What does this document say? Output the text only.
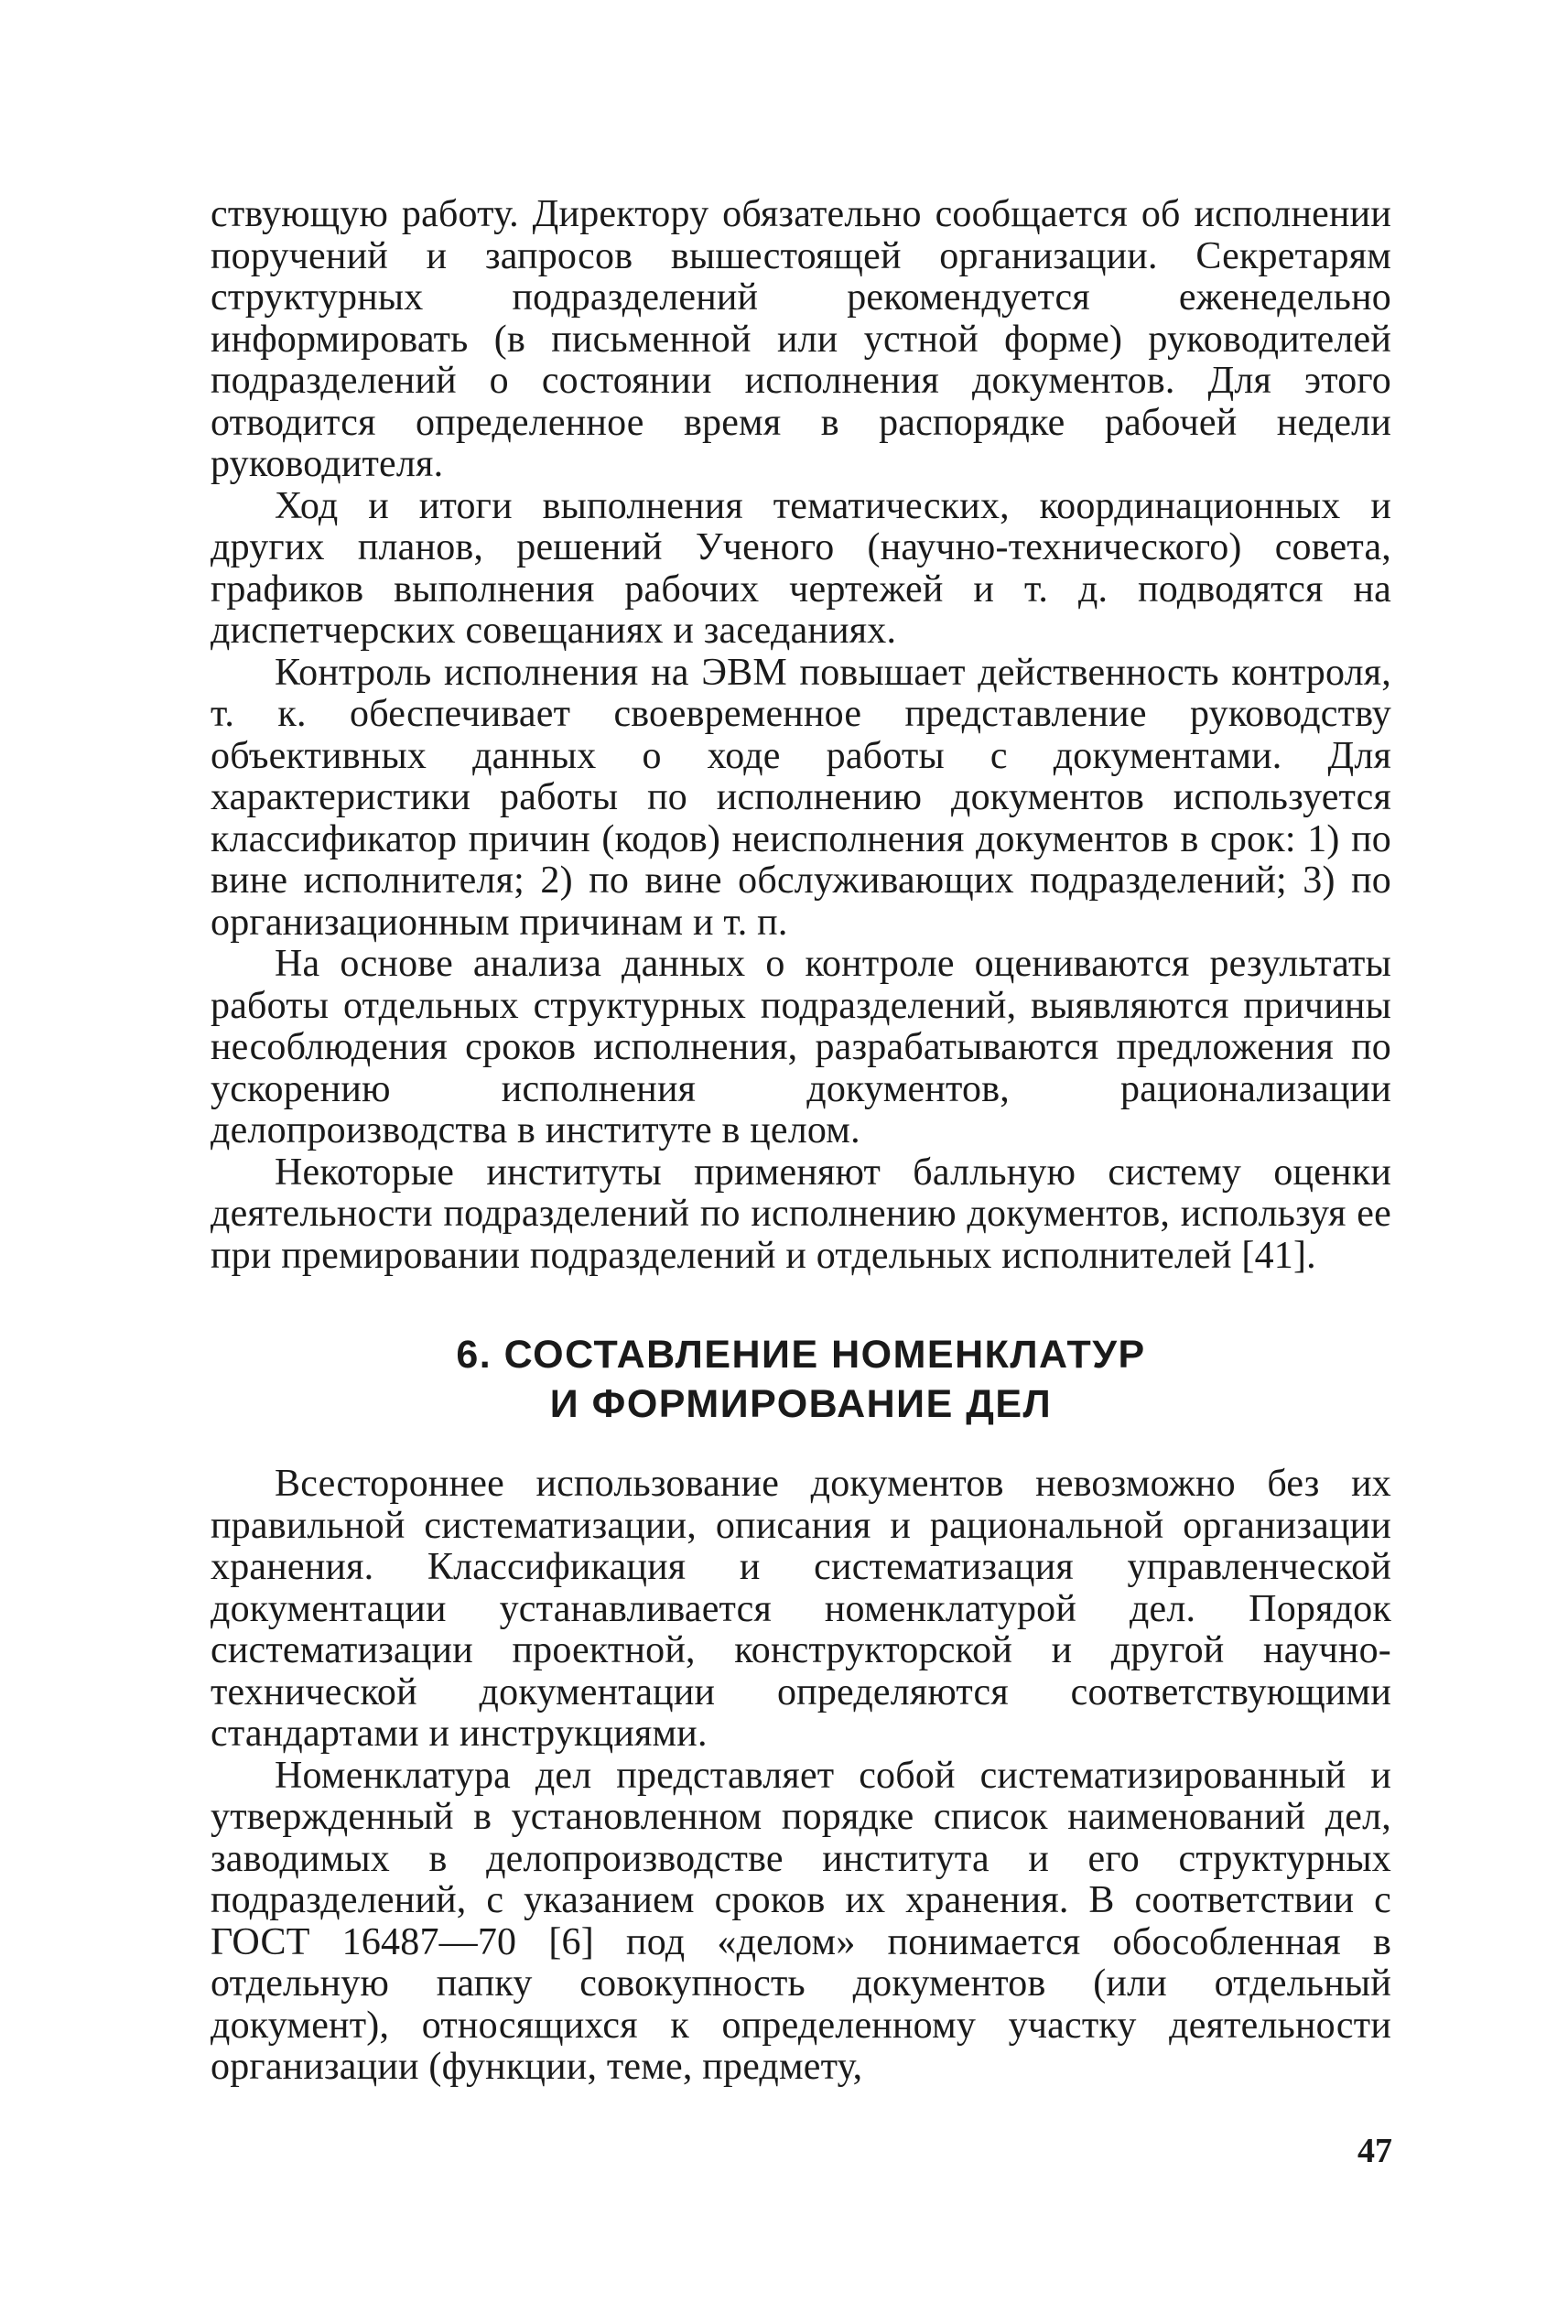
ствующую работу. Директору обязательно сообщается об исполнении поручений и запросов вышестоящей организации. Секретарям структурных подразделений рекомендуется еженедельно информировать (в письменной или устной форме) руководителей подразделений о состоянии исполнения документов. Для этого отводится определенное время в распорядке рабочей недели руководителя.

Ход и итоги выполнения тематических, координационных и других планов, решений Ученого (научно-технического) совета, графиков выполнения рабочих чертежей и т. д. подводятся на диспетчерских совещаниях и заседаниях.

Контроль исполнения на ЭВМ повышает действенность контроля, т. к. обеспечивает своевременное представление руководству объективных данных о ходе работы с документами. Для характеристики работы по исполнению документов используется классификатор причин (кодов) неисполнения документов в срок: 1) по вине исполнителя; 2) по вине обслуживающих подразделений; 3) по организационным причинам и т. п.

На основе анализа данных о контроле оцениваются результаты работы отдельных структурных подразделений, выявляются причины несоблюдения сроков исполнения, разрабатываются предложения по ускорению исполнения документов, рационализации делопроизводства в институте в целом.

Некоторые институты применяют балльную систему оценки деятельности подразделений по исполнению документов, используя ее при премировании подразделений и отдельных исполнителей [41].

6. СОСТАВЛЕНИЕ НОМЕНКЛАТУР
И ФОРМИРОВАНИЕ ДЕЛ

Всестороннее использование документов невозможно без их правильной систематизации, описания и рациональной организации хранения. Классификация и систематизация управленческой документации устанавливается номенклатурой дел. Порядок систематизации проектной, конструкторской и другой научно-технической документации определяются соответствующими стандартами и инструкциями.

Номенклатура дел представляет собой систематизированный и утвержденный в установленном порядке список наименований дел, заводимых в делопроизводстве института и его структурных подразделений, с указанием сроков их хранения. В соответствии с ГОСТ 16487—70 [6] под «делом» понимается обособленная в отдельную папку совокупность документов (или отдельный документ), относящихся к определенному участку деятельности организации (функции, теме, предмету,

47
